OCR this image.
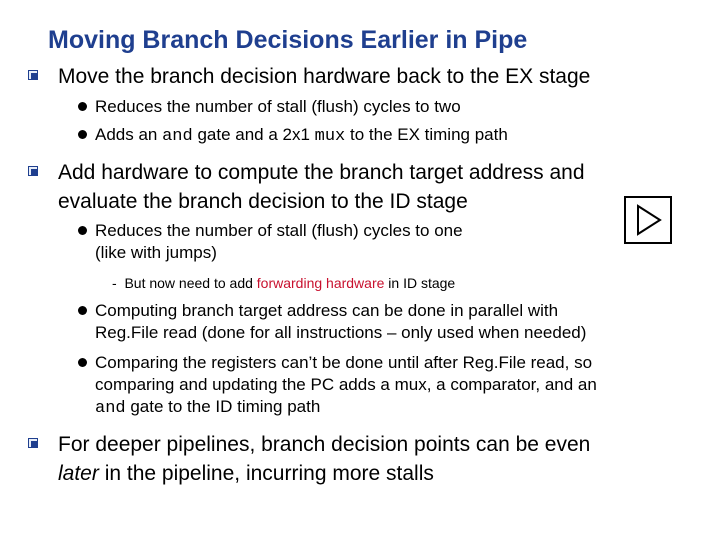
Moving Branch Decisions Earlier in Pipe
Move the branch decision hardware back to the EX stage
Reduces the number of stall (flush) cycles to two
Adds an and gate and a 2x1 mux to the EX timing path
Add hardware to compute the branch target address and
evaluate the branch decision to the ID stage
Reduces the number of stall (flush) cycles to one
(like with jumps)
- But now need to add forwarding hardware in ID stage
Computing branch target address can be done in parallel with
Reg.File read (done for all instructions – only used when needed)
Comparing the registers can’t be done until after Reg.File read, so
comparing and updating the PC adds a mux, a comparator, and an
and gate to the ID timing path
For deeper pipelines, branch decision points can be even
later in the pipeline, incurring more stalls
